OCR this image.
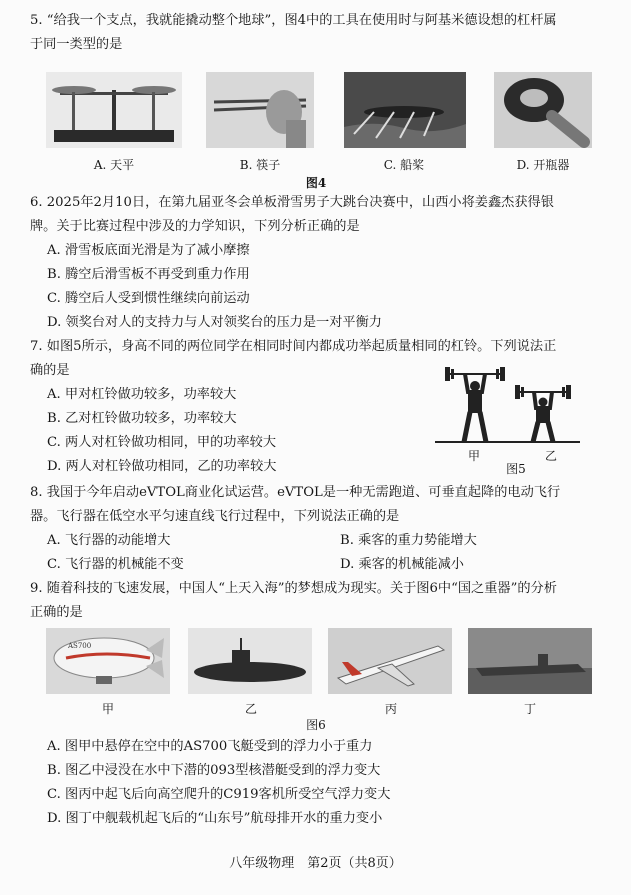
5. “给我一个支点，我就能撬动整个地球”，图4中的工具在使用时与阿基米德设想的杠杆属
于同一类型的是
A. 天平	B. 筷子	C. 船桨	D. 开瓶器
图4
6. 2025年2月10日，在第九届亚冬会单板滑雪男子大跳台决赛中，山西小将姜鑫杰获得银
牌。关于比赛过程中涉及的力学知识，下列分析正确的是
A. 滑雪板底面光滑是为了减小摩擦
B. 腾空后滑雪板不再受到重力作用
C. 腾空后人受到惯性继续向前运动
D. 领奖台对人的支持力与人对领奖台的压力是一对平衡力
7. 如图5所示，身高不同的两位同学在相同时间内都成功举起质量相同的杠铃。下列说法正
确的是
A. 甲对杠铃做功较多，功率较大
B. 乙对杠铃做功较多，功率较大
C. 两人对杠铃做功相同，甲的功率较大
D. 两人对杠铃做功相同，乙的功率较大
甲	乙
图5
8. 我国于今年启动eVTOL商业化试运营。eVTOL是一种无需跑道、可垂直起降的电动飞行
器。飞行器在低空水平匀速直线飞行过程中，下列说法正确的是
A. 飞行器的动能增大	B. 乘客的重力势能增大
C. 飞行器的机械能不变	D. 乘客的机械能减小
9. 随着科技的飞速发展，中国人“上天入海”的梦想成为现实。关于图6中“国之重器”的分析
正确的是
AS700
甲	乙	丙	丁
图6
A. 图甲中悬停在空中的AS700飞艇受到的浮力小于重力
B. 图乙中浸没在水中下潜的093型核潜艇受到的浮力变大
C. 图丙中起飞后向高空爬升的C919客机所受空气浮力变大
D. 图丁中舰载机起飞后的“山东号”航母排开水的重力变小
八年级物理　第2页（共8页）
